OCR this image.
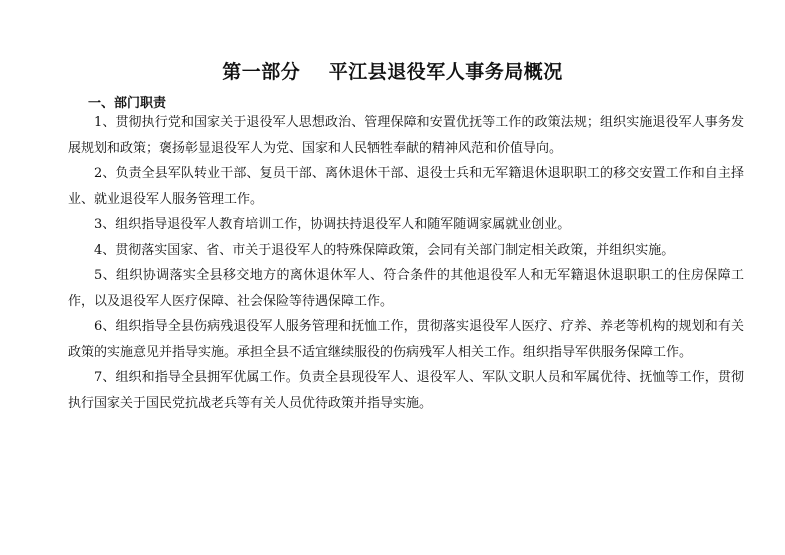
第一部分    平江县退役军人事务局概况
一、部门职责

1、贯彻执行党和国家关于退役军人思想政治、管理保障和安置优抚等工作的政策法规；组织实施退役军人事务发展规划和政策；褒扬彰显退役军人为党、国家和人民牺牲奉献的精神风范和价值导向。

2、负责全县军队转业干部、复员干部、离休退休干部、退役士兵和无军籍退休退职职工的移交安置工作和自主择业、就业退役军人服务管理工作。

3、组织指导退役军人教育培训工作，协调扶持退役军人和随军随调家属就业创业。

4、贯彻落实国家、省、市关于退役军人的特殊保障政策，会同有关部门制定相关政策，并组织实施。

5、组织协调落实全县移交地方的离休退休军人、符合条件的其他退役军人和无军籍退休退职职工的住房保障工作，以及退役军人医疗保障、社会保险等待遇保障工作。

6、组织指导全县伤病残退役军人服务管理和抚恤工作，贯彻落实退役军人医疗、疗养、养老等机构的规划和有关政策的实施意见并指导实施。承担全县不适宜继续服役的伤病残军人相关工作。组织指导军供服务保障工作。

7、组织和指导全县拥军优属工作。负责全县现役军人、退役军人、军队文职人员和军属优待、抚恤等工作，贯彻执行国家关于国民党抗战老兵等有关人员优待政策并指导实施。
